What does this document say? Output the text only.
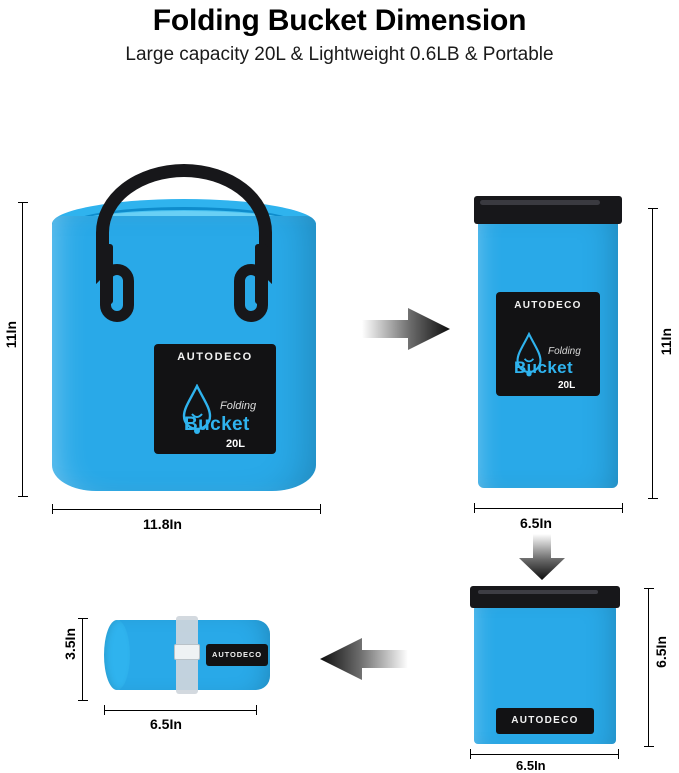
Folding Bucket Dimension

Large capacity 20L & Lightweight 0.6LB & Portable

AUTODECO
Folding
Bucket
20L
11In
11.8In
AUTODECO
Folding
Bucket
20L
11In
6.5In
AUTODECO
6.5In
6.5In
AUTODECO
3.5In
6.5In
